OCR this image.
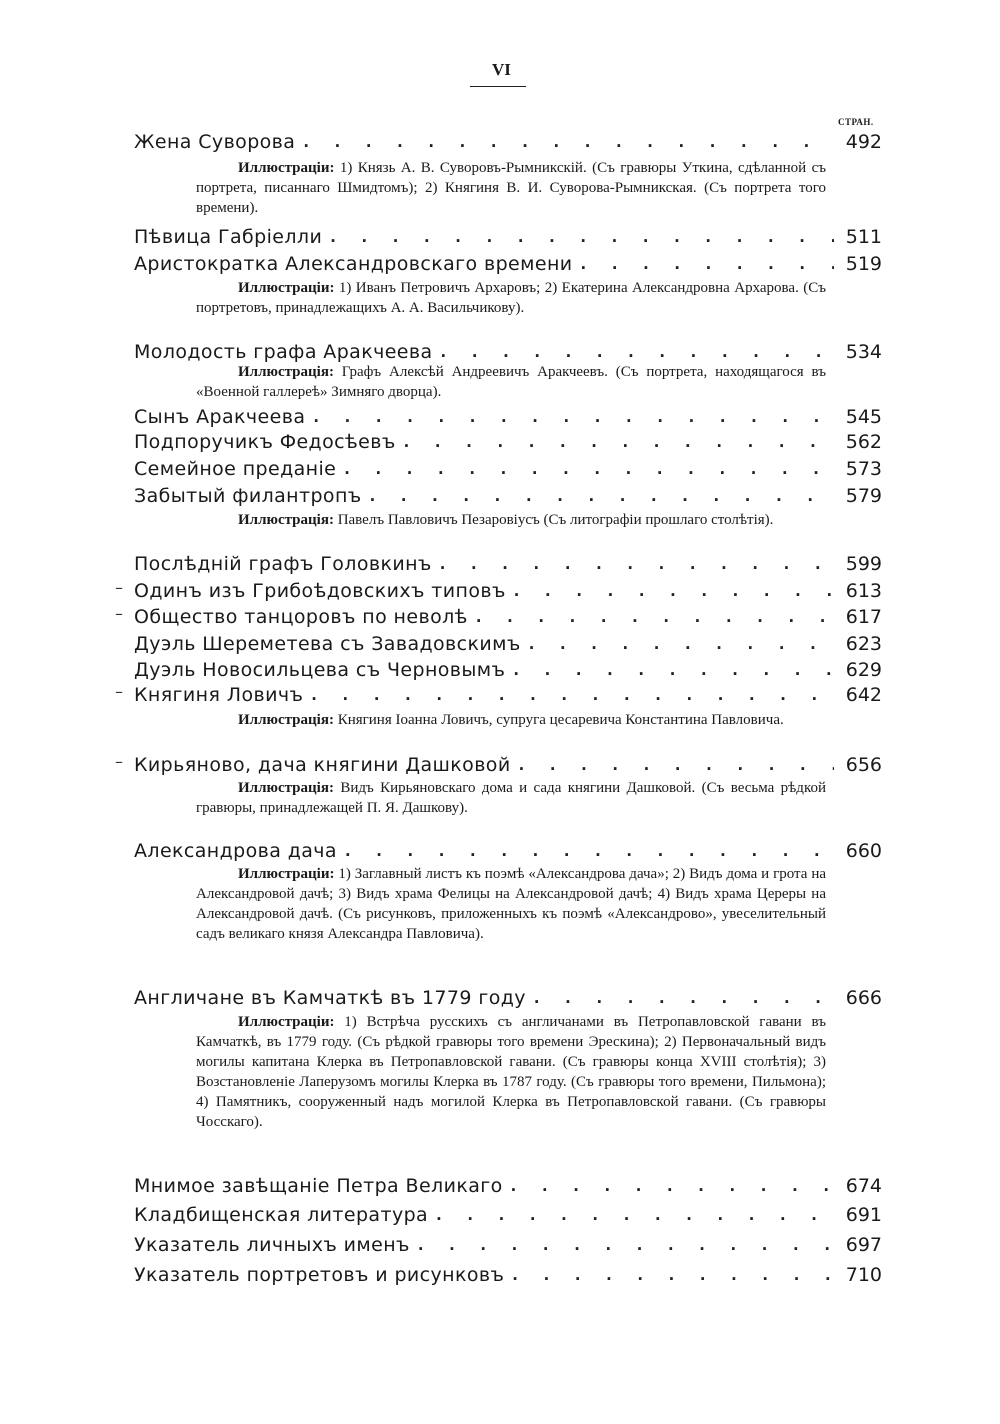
VI
СТРАН.
Жена Суворова . . .	492
Иллюстраціи: 1) Князь А. В. Суворовъ-Рымникскій. (Съ гравюры Уткина, сдѣланной съ портрета, писаннаго Шмидтомъ); 2) Княгиня В. И. Суворова-Рымникская. (Съ портрета того времени).
Пѣвица Габріелли . . .	511
Аристократка Александровскаго времени . . .	519
Иллюстраціи: 1) Иванъ Петровичъ Архаровъ; 2) Екатерина Александровна Архарова. (Съ портретовъ, принадлежащихъ А. А. Васильчикову).
Молодость графа Аракчеева . . .	534
Иллюстрація: Графъ Алексѣй Андреевичъ Аракчеевъ. (Съ портрета, находящагося въ «Военной галлереѣ» Зимняго дворца).
Сынъ Аракчеева . . .	545
Подпоручикъ Федосѣевъ . . .	562
Семейное преданіе . . .	573
Забытый филантропъ . . .	579
Иллюстрація: Павелъ Павловичъ Пезаровіусъ (Съ литографіи прошлаго столѣтія).
Послѣдній графъ Головкинъ . . .	599
– Одинъ изъ Грибоѣдовскихъ типовъ . . .	613
– Общество танцоровъ по неволѣ . . .	617
Дуэль Шереметева съ Завадовскимъ . . .	623
Дуэль Новосильцева съ Черновымъ . . .	629
– Княгиня Ловичъ . . .	642
Иллюстрація: Княгиня Іоанна Ловичъ, супруга цесаревича Константина Павловича.
– Кирьяново, дача княгини Дашковой . . .	656
Иллюстрація: Видъ Кирьяновскаго дома и сада княгини Дашковой. (Съ весьма рѣдкой гравюры, принадлежащей П. Я. Дашкову).
Александрова дача . . .	660
Иллюстраціи: 1) Заглавный листъ къ поэмѣ «Александрова дача»; 2) Видъ дома и грота на Александровой дачѣ; 3) Видъ храма Фелицы на Александровой дачѣ; 4) Видъ храма Цереры на Александровой дачѣ. (Съ рисунковъ, приложенныхъ къ поэмѣ «Александрово», увеселительный садъ великаго князя Александра Павловича).
Англичане въ Камчаткѣ въ 1779 году . . .	666
Иллюстраціи: 1) Встрѣча русскихъ съ англичанами въ Петропавловской гавани въ Камчаткѣ, въ 1779 году. (Съ рѣдкой гравюры того времени Эрескина); 2) Первоначальный видъ могилы капитана Клерка въ Петропавловской гавани. (Съ гравюры конца XVIII столѣтія); 3) Возстановленіе Лаперузомъ могилы Клерка въ 1787 году. (Съ гравюры того времени, Пильмона); 4) Памятникъ, сооруженный надъ могилой Клерка въ Петропавловской гавани. (Съ гравюры Чосскаго).
Мнимое завѣщаніе Петра Великаго . . .	674
Кладбищенская литература . . .	691
Указатель личныхъ именъ . . .	697
Указатель портретовъ и рисунковъ . . .	710
